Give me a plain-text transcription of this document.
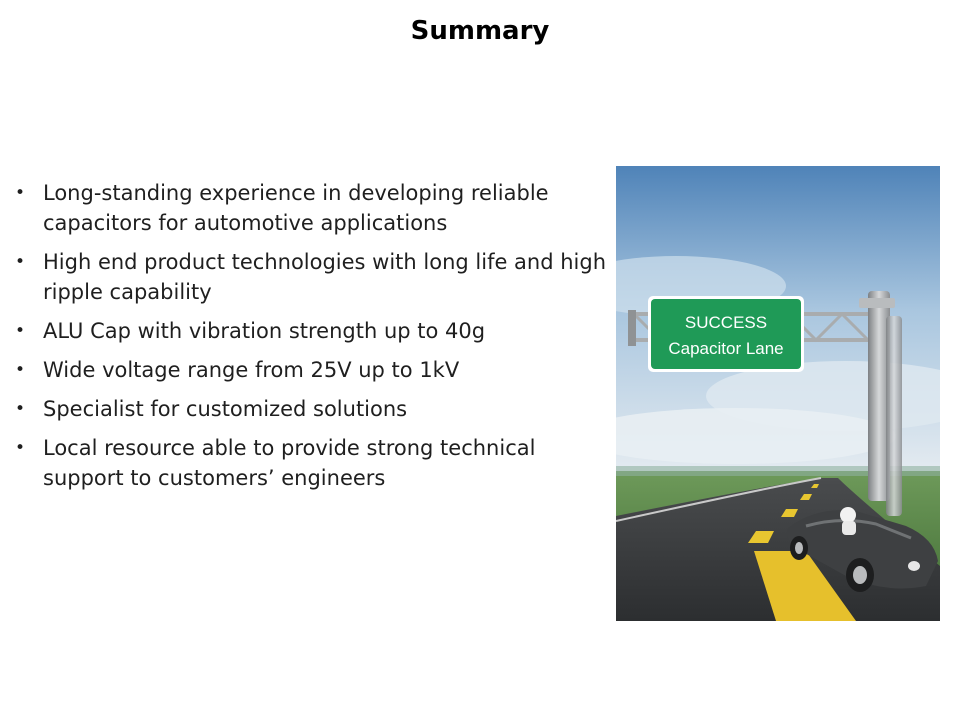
Summary
• Long-standing experience in developing reliable capacitors for automotive applications
• High end product technologies with long life and high ripple capability
• ALU Cap with vibration strength up to 40g
• Wide voltage range from 25V up to 1kV
• Specialist for customized solutions
• Local resource able to provide strong technical support to customers’ engineers
SUCCESS
Capacitor Lane
